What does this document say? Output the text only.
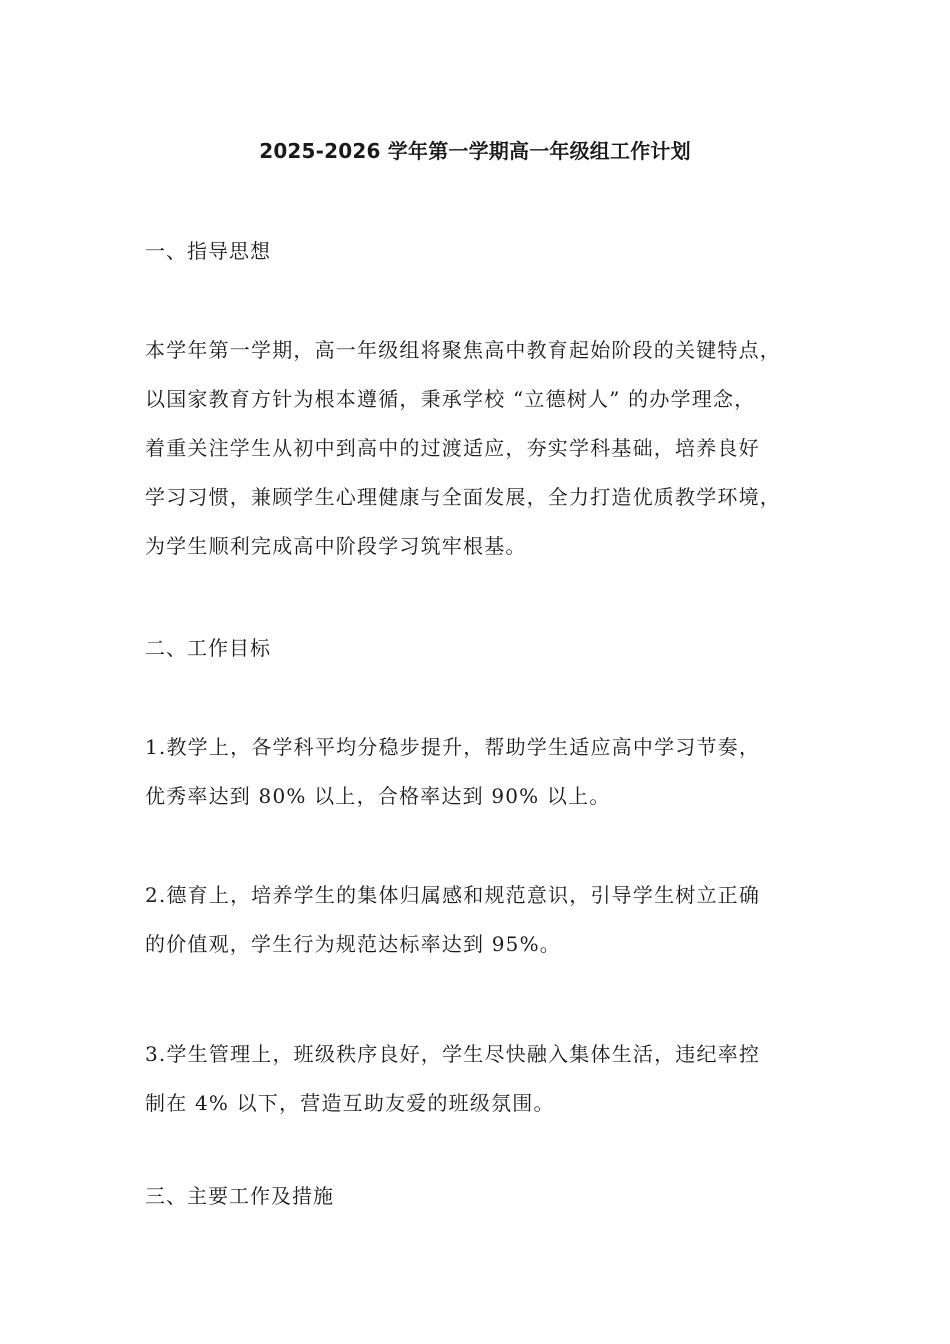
2025-2026 学年第一学期高一年级组工作计划
一、指导思想
本学年第一学期，高一年级组将聚焦高中教育起始阶段的关键特点，
以国家教育方针为根本遵循，秉承学校 “立德树人” 的办学理念，
着重关注学生从初中到高中的过渡适应，夯实学科基础，培养良好
学习习惯，兼顾学生心理健康与全面发展，全力打造优质教学环境，
为学生顺利完成高中阶段学习筑牢根基。
二、工作目标
1.教学上，各学科平均分稳步提升，帮助学生适应高中学习节奏，
优秀率达到 80% 以上，合格率达到 90% 以上。
2.德育上，培养学生的集体归属感和规范意识，引导学生树立正确
的价值观，学生行为规范达标率达到 95%。
3.学生管理上，班级秩序良好，学生尽快融入集体生活，违纪率控
制在 4% 以下，营造互助友爱的班级氛围。
三、主要工作及措施
